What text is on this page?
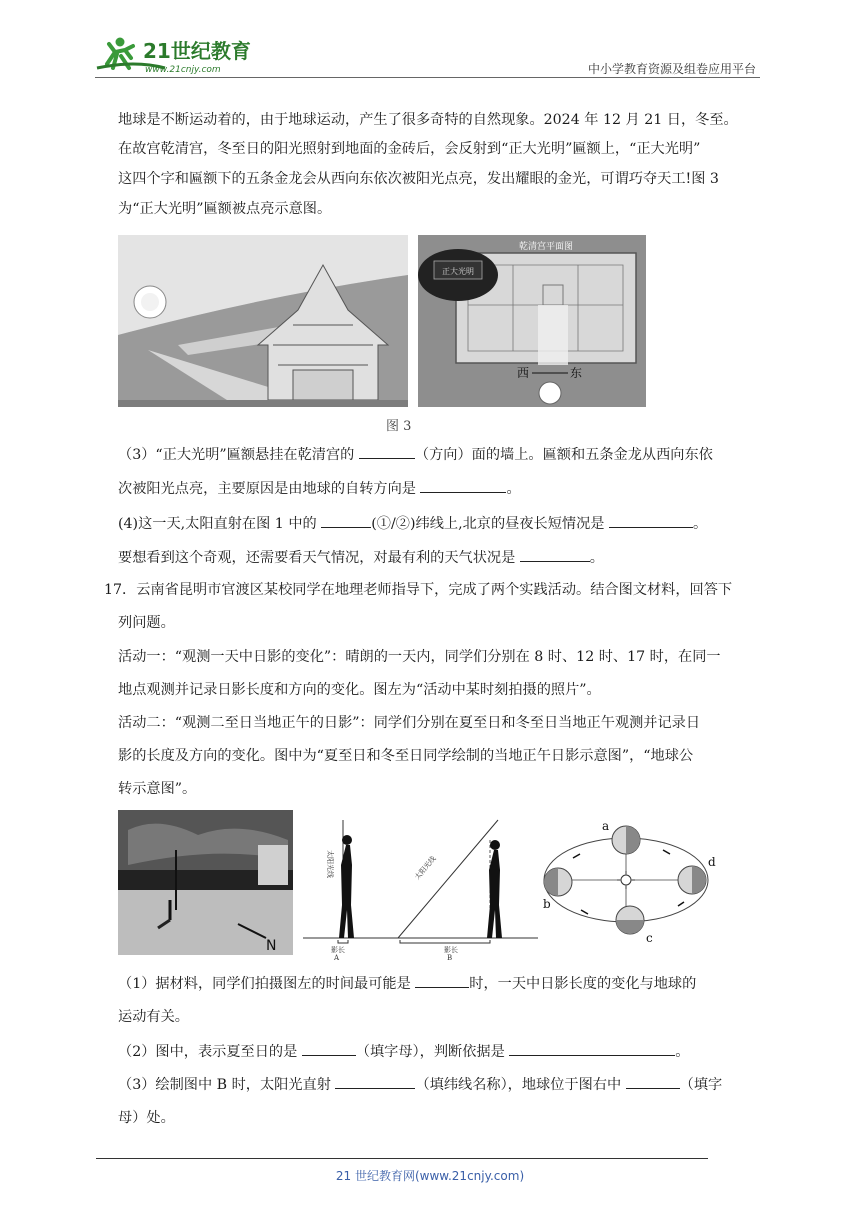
21世纪教育
www.21cnjy.com	中小学教育资源及组卷应用平台
地球是不断运动着的，由于地球运动，产生了很多奇特的自然现象。2024 年 12 月 21 日，冬至。
在故宫乾清宫，冬至日的阳光照射到地面的金砖后，会反射到“正大光明”匾额上，“正大光明”
这四个字和匾额下的五条金龙会从西向东依次被阳光点亮，发出耀眼的金光，可谓巧夺天工!图 3
为“正大光明”匾额被点亮示意图。
乾清宫平面图
正大光明
西	东
图 3
（3）“正大光明”匾额悬挂在乾清宫的	（方向）面的墙上。匾额和五条金龙从西向东依
次被阳光点亮，主要原因是由地球的自转方向是	。
(4)这一天,太阳直射在图 1 中的	(①/②)纬线上,北京的昼夜长短情况是	。
要想看到这个奇观，还需要看天气情况，对最有利的天气状况是	。
17．云南省昆明市官渡区某校同学在地理老师指导下，完成了两个实践活动。结合图文材料，回答下
列问题。
活动一：“观测一天中日影的变化”：晴朗的一天内，同学们分别在 8 时、12 时、17 时，在同一
地点观测并记录日影长度和方向的变化。图左为“活动中某时刻拍摄的照片”。
活动二：“观测二至日当地正午的日影”：同学们分别在夏至日和冬至日当地正午观测并记录日
影的长度及方向的变化。图中为“夏至日和冬至日同学绘制的当地正午日影示意图”，“地球公
转示意图”。
N
太阳光线	太阳光线
影长
A
影长
B
a
b
c
d
（1）据材料，同学们拍摄图左的时间最可能是	时，一天中日影长度的变化与地球的
运动有关。
（2）图中，表示夏至日的是	（填字母），判断依据是	。
（3）绘制图中 B 时，太阳光直射	（填纬线名称），地球位于图右中	（填字
母）处。
21 世纪教育网(www.21cnjy.com)
